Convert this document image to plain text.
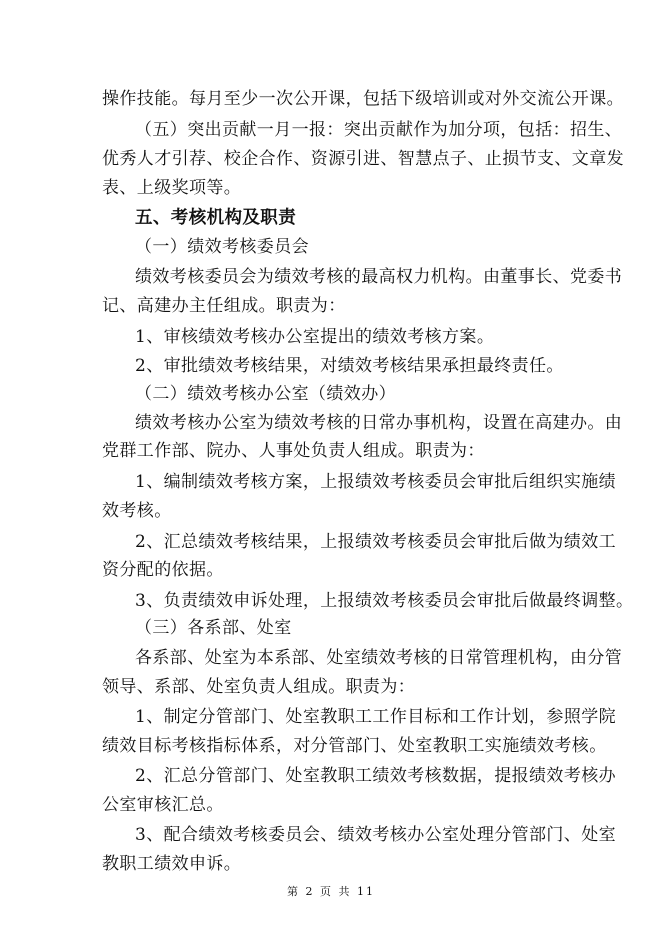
操作技能。每月至少一次公开课，包括下级培训或对外交流公开课。
（五）突出贡献一月一报：突出贡献作为加分项，包括：招生、
优秀人才引荐、校企合作、资源引进、智慧点子、止损节支、文章发
表、上级奖项等。
五、考核机构及职责
（一）绩效考核委员会
绩效考核委员会为绩效考核的最高权力机构。由董事长、党委书
记、高建办主任组成。职责为：
1、审核绩效考核办公室提出的绩效考核方案。
2、审批绩效考核结果，对绩效考核结果承担最终责任。
（二）绩效考核办公室（绩效办）
绩效考核办公室为绩效考核的日常办事机构，设置在高建办。由
党群工作部、院办、人事处负责人组成。职责为：
1、编制绩效考核方案，上报绩效考核委员会审批后组织实施绩
效考核。
2、汇总绩效考核结果，上报绩效考核委员会审批后做为绩效工
资分配的依据。
3、负责绩效申诉处理，上报绩效考核委员会审批后做最终调整。
（三）各系部、处室
各系部、处室为本系部、处室绩效考核的日常管理机构，由分管
领导、系部、处室负责人组成。职责为：
1、制定分管部门、处室教职工工作目标和工作计划，参照学院
绩效目标考核指标体系，对分管部门、处室教职工实施绩效考核。
2、汇总分管部门、处室教职工绩效考核数据，提报绩效考核办
公室审核汇总。
3、配合绩效考核委员会、绩效考核办公室处理分管部门、处室
教职工绩效申诉。
第 2 页 共 11
